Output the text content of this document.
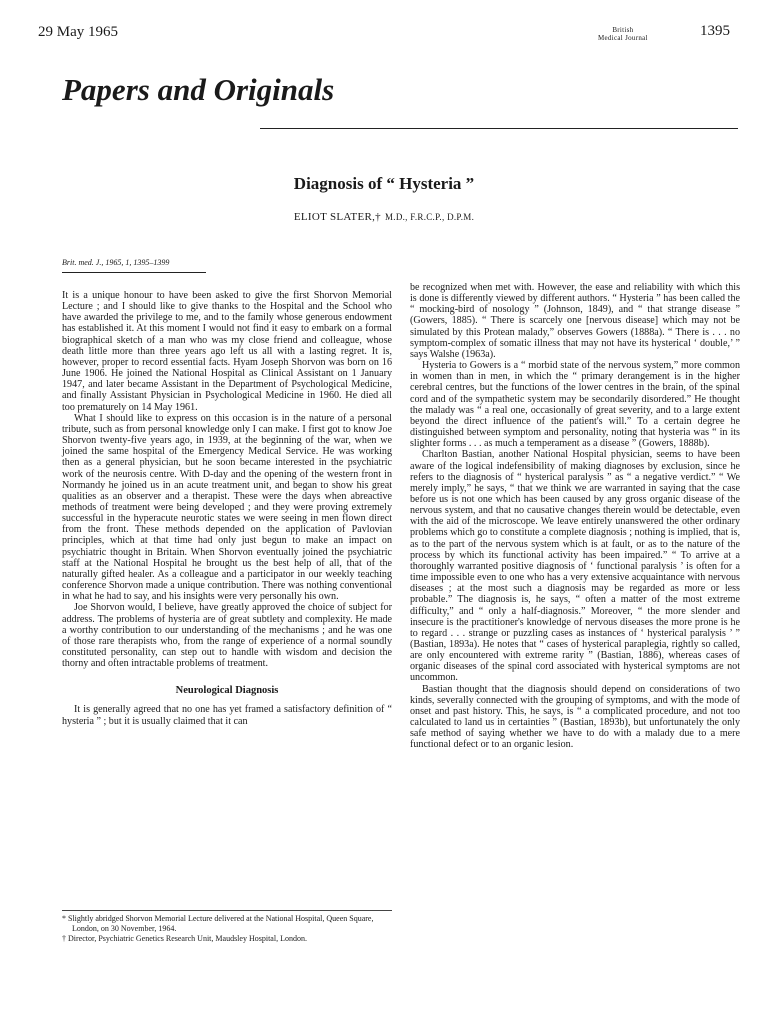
29 May 1965	British
Medical Journal	1395
Papers and Originals
Diagnosis of “ Hysteria ”
ELIOT SLATER,† M.D., F.R.C.P., D.P.M.
Brit. med. J., 1965, 1, 1395–1399

It is a unique honour to have been asked to give the first Shorvon Memorial Lecture ; and I should like to give thanks to the Hospital and the School who have awarded the privilege to me, and to the family whose generous endowment has established it. At this moment I would not find it easy to embark on a formal biographical sketch of a man who was my close friend and colleague, whose death little more than three years ago left us all with a lasting regret. It is, however, proper to record essential facts. Hyam Joseph Shorvon was born on 16 June 1906. He joined the National Hospital as Clinical Assistant on 1 January 1947, and later became Assistant in the Department of Psychological Medicine, and finally Assistant Physician in Psychological Medicine in 1960. He died all too prematurely on 14 May 1961.

What I should like to express on this occasion is in the nature of a personal tribute, such as from personal knowledge only I can make. I first got to know Joe Shorvon twenty-five years ago, in 1939, at the beginning of the war, when we joined the same hospital of the Emergency Medical Service. He was working then as a general physician, but he soon became interested in the psychiatric work of the neurosis centre. With D-day and the opening of the western front in Normandy he joined us in an acute treatment unit, and began to show his great qualities as an observer and a therapist. These were the days when abreactive methods of treatment were being developed ; and they were proving extremely successful in the hyperacute neurotic states we were seeing in men flown direct from the front. These methods depended on the application of Pavlovian principles, which at that time had only just begun to make an impact on psychiatric thought in Britain. When Shorvon eventually joined the psychiatric staff at the National Hospital he brought us the best help of all, that of the naturally gifted healer. As a colleague and a participator in our weekly teaching conference Shorvon made a unique contribution. There was nothing conventional in what he had to say, and his insights were very personally his own.

Joe Shorvon would, I believe, have greatly approved the choice of subject for address. The problems of hysteria are of great subtlety and complexity. He made a worthy contribution to our understanding of the mechanisms ; and he was one of those rare therapists who, from the range of experience of a normal soundly constituted personality, can step out to handle with wisdom and decision the thorny and often intractable problems of treatment.

Neurological Diagnosis

It is generally agreed that no one has yet framed a satisfactory definition of “ hysteria ” ; but it is usually claimed that it can

* Slightly abridged Shorvon Memorial Lecture delivered at the National Hospital, Queen Square, London, on 30 November, 1964.
† Director, Psychiatric Genetics Research Unit, Maudsley Hospital, London.

be recognized when met with. However, the ease and reliability with which this is done is differently viewed by different authors. “ Hysteria ” has been called the “ mocking-bird of nosology ” (Johnson, 1849), and “ that strange disease ” (Gowers, 1885). “ There is scarcely one [nervous disease] which may not be simulated by this Protean malady,” observes Gowers (1888a). “ There is . . . no symptom-complex of somatic illness that may not have its hysterical ‘ double,’ ” says Walshe (1963a).

Hysteria to Gowers is a “ morbid state of the nervous system,” more common in women than in men, in which the “ primary derangement is in the higher cerebral centres, but the functions of the lower centres in the brain, of the spinal cord and of the sympathetic system may be secondarily disordered.” He thought the malady was “ a real one, occasionally of great severity, and to a large extent beyond the direct influence of the patient's will.” To a certain degree he distinguished between symptom and personality, noting that hysteria was “ in its slighter forms . . . as much a temperament as a disease ” (Gowers, 1888b).

Charlton Bastian, another National Hospital physician, seems to have been aware of the logical indefensibility of making diagnoses by exclusion, since he refers to the diagnosis of “ hysterical paralysis ” as “ a negative verdict.” “ We merely imply,” he says, “ that we think we are warranted in saying that the case before us is not one which has been caused by any gross organic disease of the nervous system, and that no causative changes therein would be detectable, even with the aid of the microscope. We leave entirely unanswered the other ordinary problems which go to constitute a complete diagnosis ; nothing is implied, that is, as to the part of the nervous system which is at fault, or as to the nature of the process by which its functional activity has been impaired.” “ To arrive at a thoroughly warranted positive diagnosis of ‘ functional paralysis ’ is often for a time impossible even to one who has a very extensive acquaintance with nervous diseases ; at the most such a diagnosis may be regarded as more or less probable.” The diagnosis is, he says, “ often a matter of the most extreme difficulty,” and “ only a half-diagnosis.” Moreover, “ the more slender and insecure is the practitioner's knowledge of nervous diseases the more prone is he to regard . . . strange or puzzling cases as instances of ‘ hysterical paralysis ’ ” (Bastian, 1893a). He notes that “ cases of hysterical paraplegia, rightly so called, are only encountered with extreme rarity ” (Bastian, 1886), whereas cases of organic diseases of the spinal cord associated with hysterical symptoms are not uncommon.

Bastian thought that the diagnosis should depend on considerations of two kinds, severally connected with the grouping of symptoms, and with the mode of onset and past history. This, he says, is “ a complicated procedure, and not too calculated to land us in certainties ” (Bastian, 1893b), but unfortunately the only safe method of saying whether we have to do with a malady due to a mere functional defect or to an organic lesion.
